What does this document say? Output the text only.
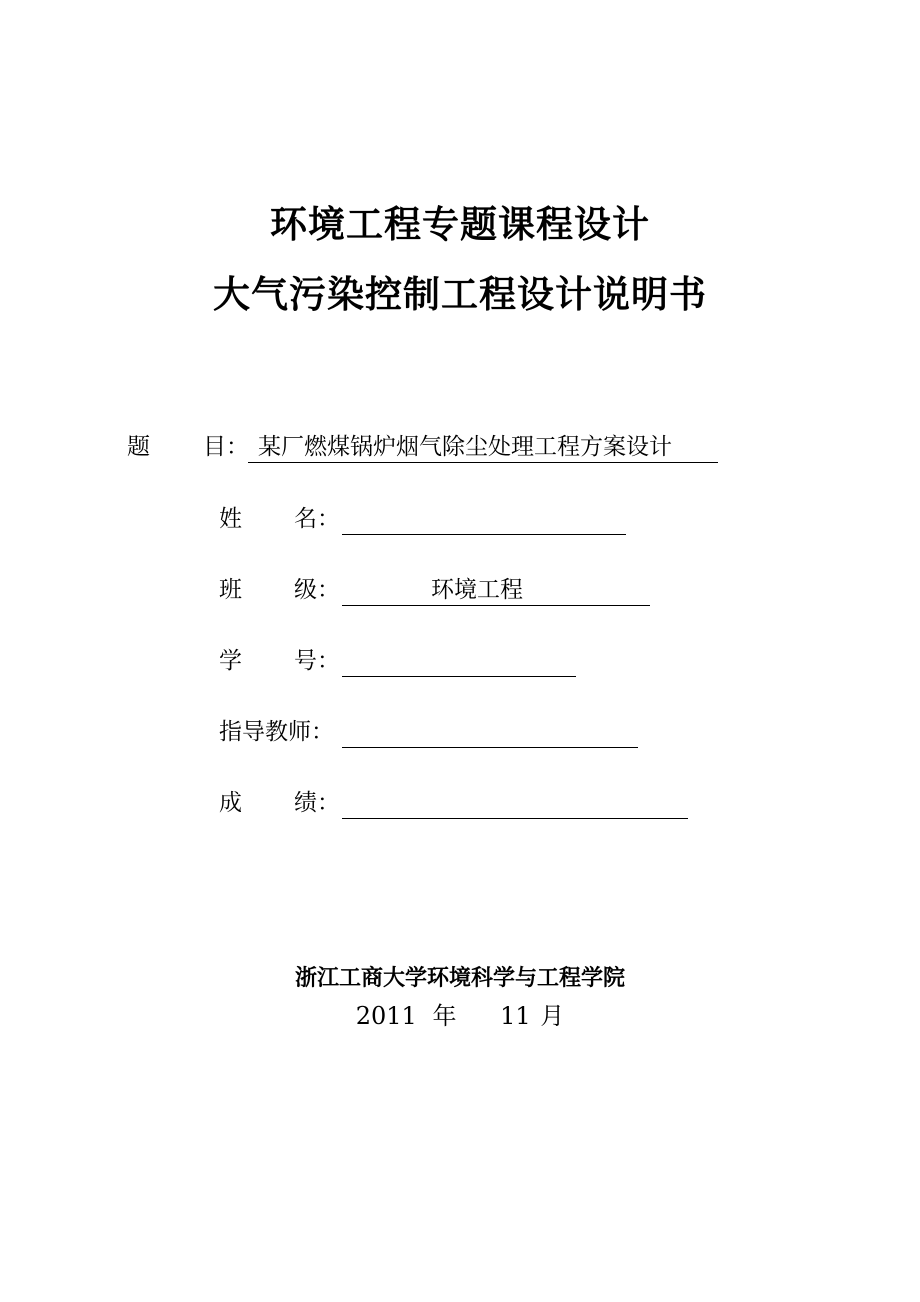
环境工程专题课程设计
大气污染控制工程设计说明书
题 目： 某厂燃煤锅炉烟气除尘处理工程方案设计
姓 名：
班 级：	环境工程
学 号：
指导教师：
成 绩：
浙江工商大学环境科学与工程学院
2011 年 11 月
